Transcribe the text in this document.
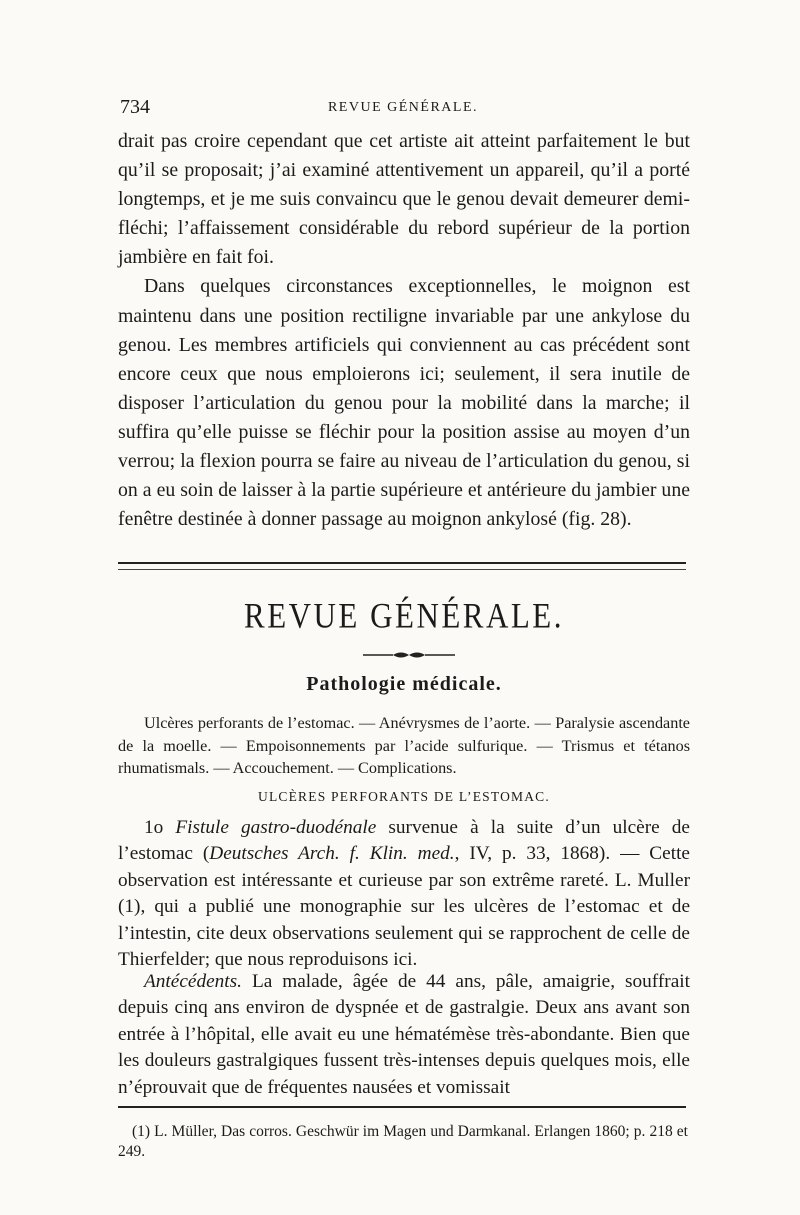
734	REVUE GÉNÉRALE.

drait pas croire cependant que cet artiste ait atteint parfaitement le but qu’il se proposait; j’ai examiné attentivement un appareil, qu’il a porté longtemps, et je me suis convaincu que le genou devait demeurer demi-fléchi; l’affaissement considérable du rebord supérieur de la portion jambière en fait foi.

Dans quelques circonstances exceptionnelles, le moignon est maintenu dans une position rectiligne invariable par une ankylose du genou. Les membres artificiels qui conviennent au cas précédent sont encore ceux que nous emploierons ici; seulement, il sera inutile de disposer l’articulation du genou pour la mobilité dans la marche; il suffira qu’elle puisse se fléchir pour la position assise au moyen d’un verrou; la flexion pourra se faire au niveau de l’articulation du genou, si on a eu soin de laisser à la partie supérieure et antérieure du jambier une fenêtre destinée à donner passage au moignon ankylosé (fig. 28).

REVUE GÉNÉRALE.
Pathologie médicale.

Ulcères perforants de l’estomac. — Anévrysmes de l’aorte. — Paralysie ascendante de la moelle. — Empoisonnements par l’acide sulfurique. — Trismus et tétanos rhumatismals. — Accouchement. — Complications.

ULCÈRES PERFORANTS DE L’ESTOMAC.

1o Fistule gastro-duodénale survenue à la suite d’un ulcère de l’estomac (Deutsches Arch. f. Klin. med., IV, p. 33, 1868). — Cette observation est intéressante et curieuse par son extrême rareté. L. Muller (1), qui a publié une monographie sur les ulcères de l’estomac et de l’intestin, cite deux observations seulement qui se rapprochent de celle de Thierfelder; que nous reproduisons ici.

Antécédents. La malade, âgée de 44 ans, pâle, amaigrie, souffrait depuis cinq ans environ de dyspnée et de gastralgie. Deux ans avant son entrée à l’hôpital, elle avait eu une hématémèse très-abondante. Bien que les douleurs gastralgiques fussent très-intenses depuis quelques mois, elle n’éprouvait que de fréquentes nausées et vomissait

(1) L. Müller, Das corros. Geschwür im Magen und Darmkanal. Erlangen 1860; p. 218 et 249.
